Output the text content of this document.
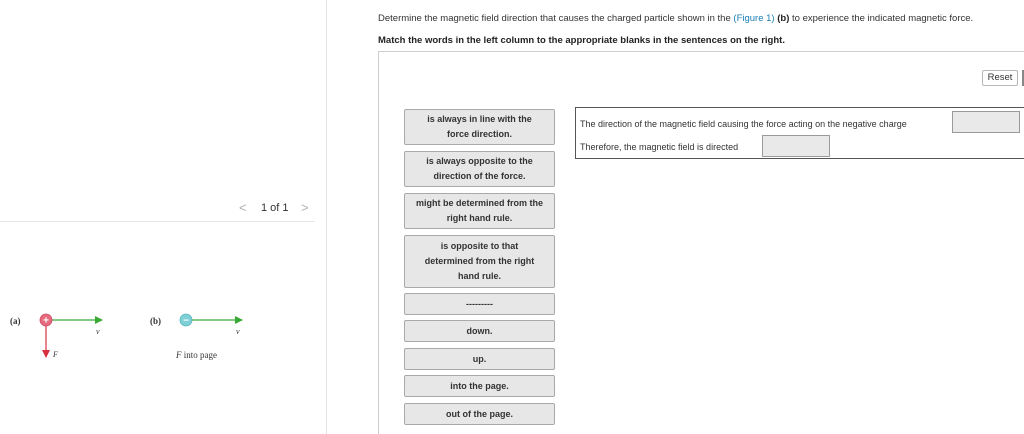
< 1 of 1 >
(a) +
v
F
(b) −
v
F into page
Determine the magnetic field direction that causes the charged particle shown in the (Figure 1) (b) to experience the indicated magnetic force.
Match the words in the left column to the appropriate blanks in the sentences on the right.
Reset
is always in line with the
force direction.
is always opposite to the
direction of the force.
might be determined from the
right hand rule.
is opposite to that
determined from the right
hand rule.
---------
down.
up.
into the page.
out of the page.
The direction of the magnetic field causing the force acting on the negative charge
Therefore, the magnetic field is directed
